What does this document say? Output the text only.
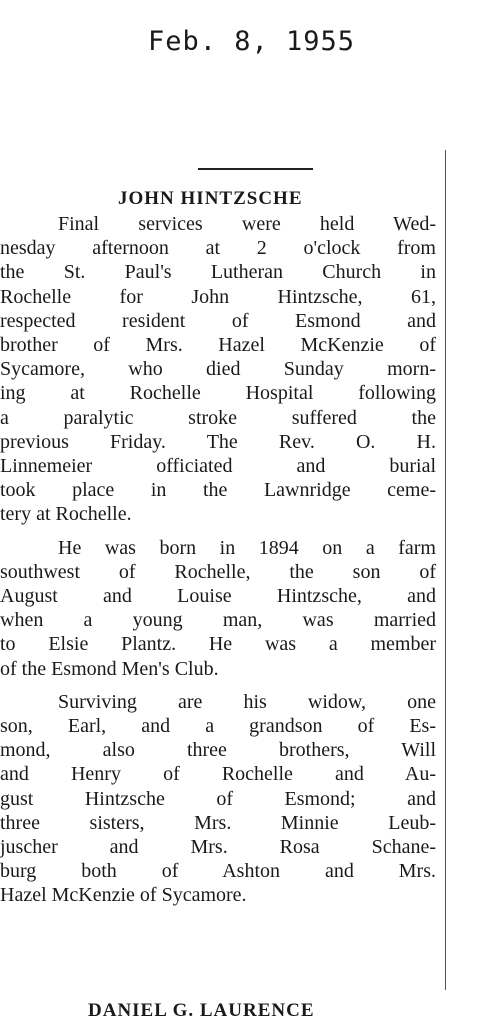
Feb. 8, 1955
JOHN HINTZSCHE
Final services were held Wed-
nesday afternoon at 2 o'clock from
the St. Paul's Lutheran Church in
Rochelle for John Hintzsche, 61,
respected resident of Esmond and
brother of Mrs. Hazel McKenzie of
Sycamore, who died Sunday morn-
ing at Rochelle Hospital following
a paralytic stroke suffered the
previous Friday. The Rev. O. H.
Linnemeier officiated and burial
took place in the Lawnridge ceme-
tery at Rochelle.
He was born in 1894 on a farm
southwest of Rochelle, the son of
August and Louise Hintzsche, and
when a young man, was married
to Elsie Plantz. He was a member
of the Esmond Men's Club.
Surviving are his widow, one
son, Earl, and a grandson of Es-
mond, also three brothers, Will
and Henry of Rochelle and Au-
gust Hintzsche of Esmond; and
three sisters, Mrs. Minnie Leub-
juscher and Mrs. Rosa Schane-
burg both of Ashton and Mrs.
Hazel McKenzie of Sycamore.
DANIEL G. LAURENCE
